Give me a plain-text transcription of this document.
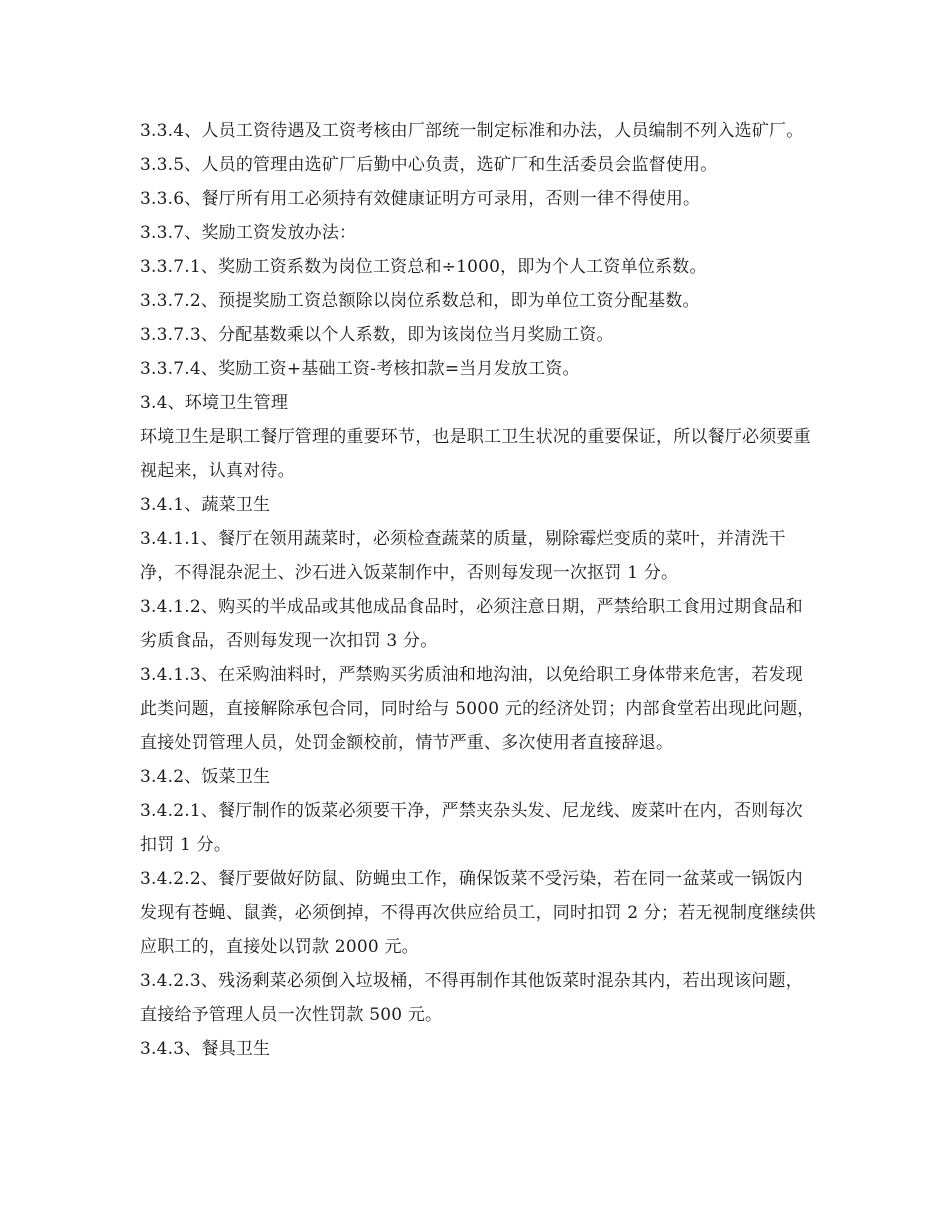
3.3.4、人员工资待遇及工资考核由厂部统一制定标准和办法，人员编制不列入选矿厂。

3.3.5、人员的管理由选矿厂后勤中心负责，选矿厂和生活委员会监督使用。

3.3.6、餐厅所有用工必须持有效健康证明方可录用，否则一律不得使用。

3.3.7、奖励工资发放办法：

3.3.7.1、奖励工资系数为岗位工资总和÷1000，即为个人工资单位系数。

3.3.7.2、预提奖励工资总额除以岗位系数总和，即为单位工资分配基数。

3.3.7.3、分配基数乘以个人系数，即为该岗位当月奖励工资。

3.3.7.4、奖励工资+基础工资-考核扣款=当月发放工资。

3.4、环境卫生管理

环境卫生是职工餐厅管理的重要环节，也是职工卫生状况的重要保证，所以餐厅必须要重视起来，认真对待。

3.4.1、蔬菜卫生

3.4.1.1、餐厅在领用蔬菜时，必须检查蔬菜的质量，剔除霉烂变质的菜叶，并清洗干净，不得混杂泥土、沙石进入饭菜制作中，否则每发现一次抠罚 1 分。

3.4.1.2、购买的半成品或其他成品食品时，必须注意日期，严禁给职工食用过期食品和劣质食品，否则每发现一次扣罚 3 分。

3.4.1.3、在采购油料时，严禁购买劣质油和地沟油，以免给职工身体带来危害，若发现此类问题，直接解除承包合同，同时给与 5000 元的经济处罚；内部食堂若出现此问题，直接处罚管理人员，处罚金额校前，情节严重、多次使用者直接辞退。

3.4.2、饭菜卫生

3.4.2.1、餐厅制作的饭菜必须要干净，严禁夹杂头发、尼龙线、废菜叶在内，否则每次扣罚 1 分。

3.4.2.2、餐厅要做好防鼠、防蝇虫工作，确保饭菜不受污染，若在同一盆菜或一锅饭内发现有苍蝇、鼠粪，必须倒掉，不得再次供应给员工，同时扣罚 2 分；若无视制度继续供应职工的，直接处以罚款 2000 元。

3.4.2.3、残汤剩菜必须倒入垃圾桶，不得再制作其他饭菜时混杂其内，若出现该问题，直接给予管理人员一次性罚款 500 元。

3.4.3、餐具卫生
